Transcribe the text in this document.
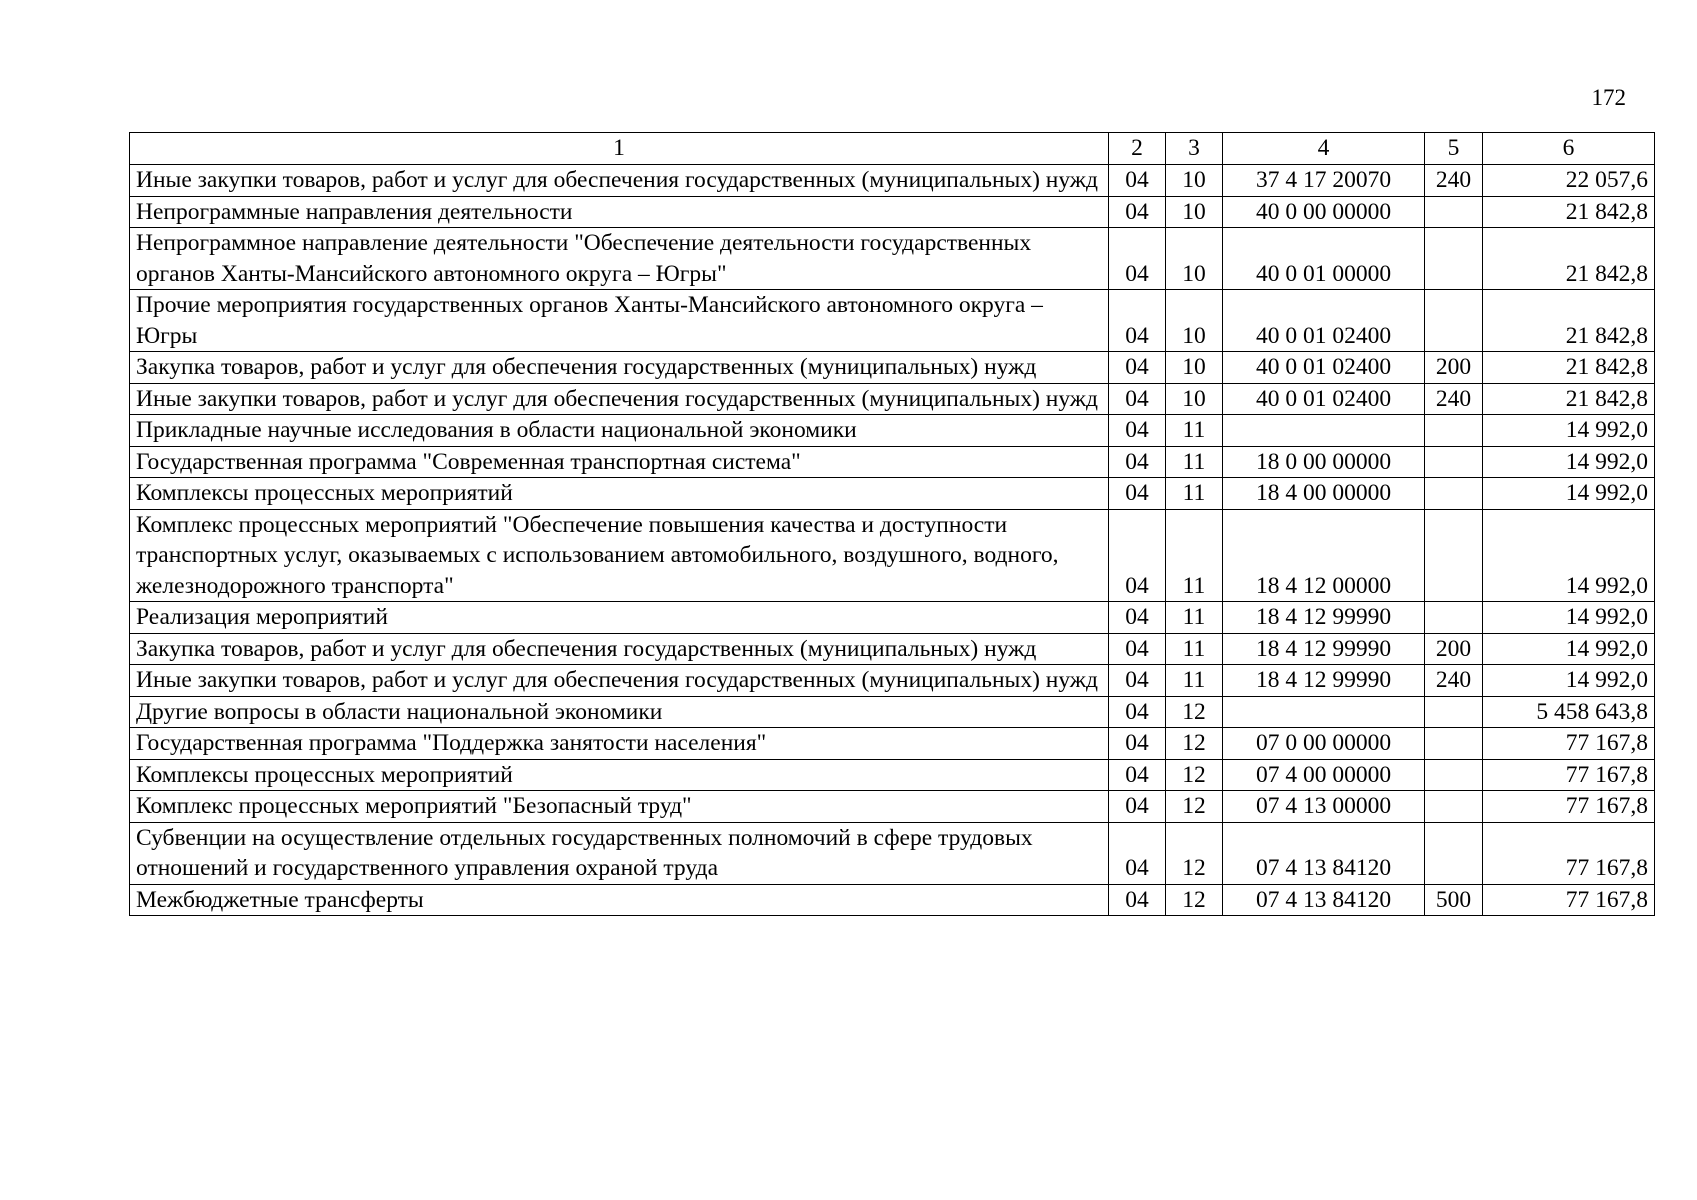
172
1	2	3	4	5	6
Иные закупки товаров, работ и услуг для обеспечения государственных (муниципальных) нужд	04	10	37 4 17 20070	240	22 057,6
Непрограммные направления деятельности	04	10	40 0 00 00000		21 842,8
Непрограммное направление деятельности "Обеспечение деятельности государственных органов Ханты-Мансийского автономного округа – Югры"	04	10	40 0 01 00000		21 842,8
Прочие мероприятия государственных органов Ханты-Мансийского автономного округа – Югры	04	10	40 0 01 02400		21 842,8
Закупка товаров, работ и услуг для обеспечения государственных (муниципальных) нужд	04	10	40 0 01 02400	200	21 842,8
Иные закупки товаров, работ и услуг для обеспечения государственных (муниципальных) нужд	04	10	40 0 01 02400	240	21 842,8
Прикладные научные исследования в области национальной экономики	04	11			14 992,0
Государственная программа "Современная транспортная система"	04	11	18 0 00 00000		14 992,0
Комплексы процессных мероприятий	04	11	18 4 00 00000		14 992,0
Комплекс процессных мероприятий "Обеспечение повышения качества и доступности транспортных услуг, оказываемых с использованием автомобильного, воздушного, водного, железнодорожного транспорта"	04	11	18 4 12 00000		14 992,0
Реализация мероприятий	04	11	18 4 12 99990		14 992,0
Закупка товаров, работ и услуг для обеспечения государственных (муниципальных) нужд	04	11	18 4 12 99990	200	14 992,0
Иные закупки товаров, работ и услуг для обеспечения государственных (муниципальных) нужд	04	11	18 4 12 99990	240	14 992,0
Другие вопросы в области национальной экономики	04	12			5 458 643,8
Государственная программа "Поддержка занятости населения"	04	12	07 0 00 00000		77 167,8
Комплексы процессных мероприятий	04	12	07 4 00 00000		77 167,8
Комплекс процессных мероприятий "Безопасный труд"	04	12	07 4 13 00000		77 167,8
Субвенции на осуществление отдельных государственных полномочий в сфере трудовых отношений и государственного управления охраной труда	04	12	07 4 13 84120		77 167,8
Межбюджетные трансферты	04	12	07 4 13 84120	500	77 167,8
